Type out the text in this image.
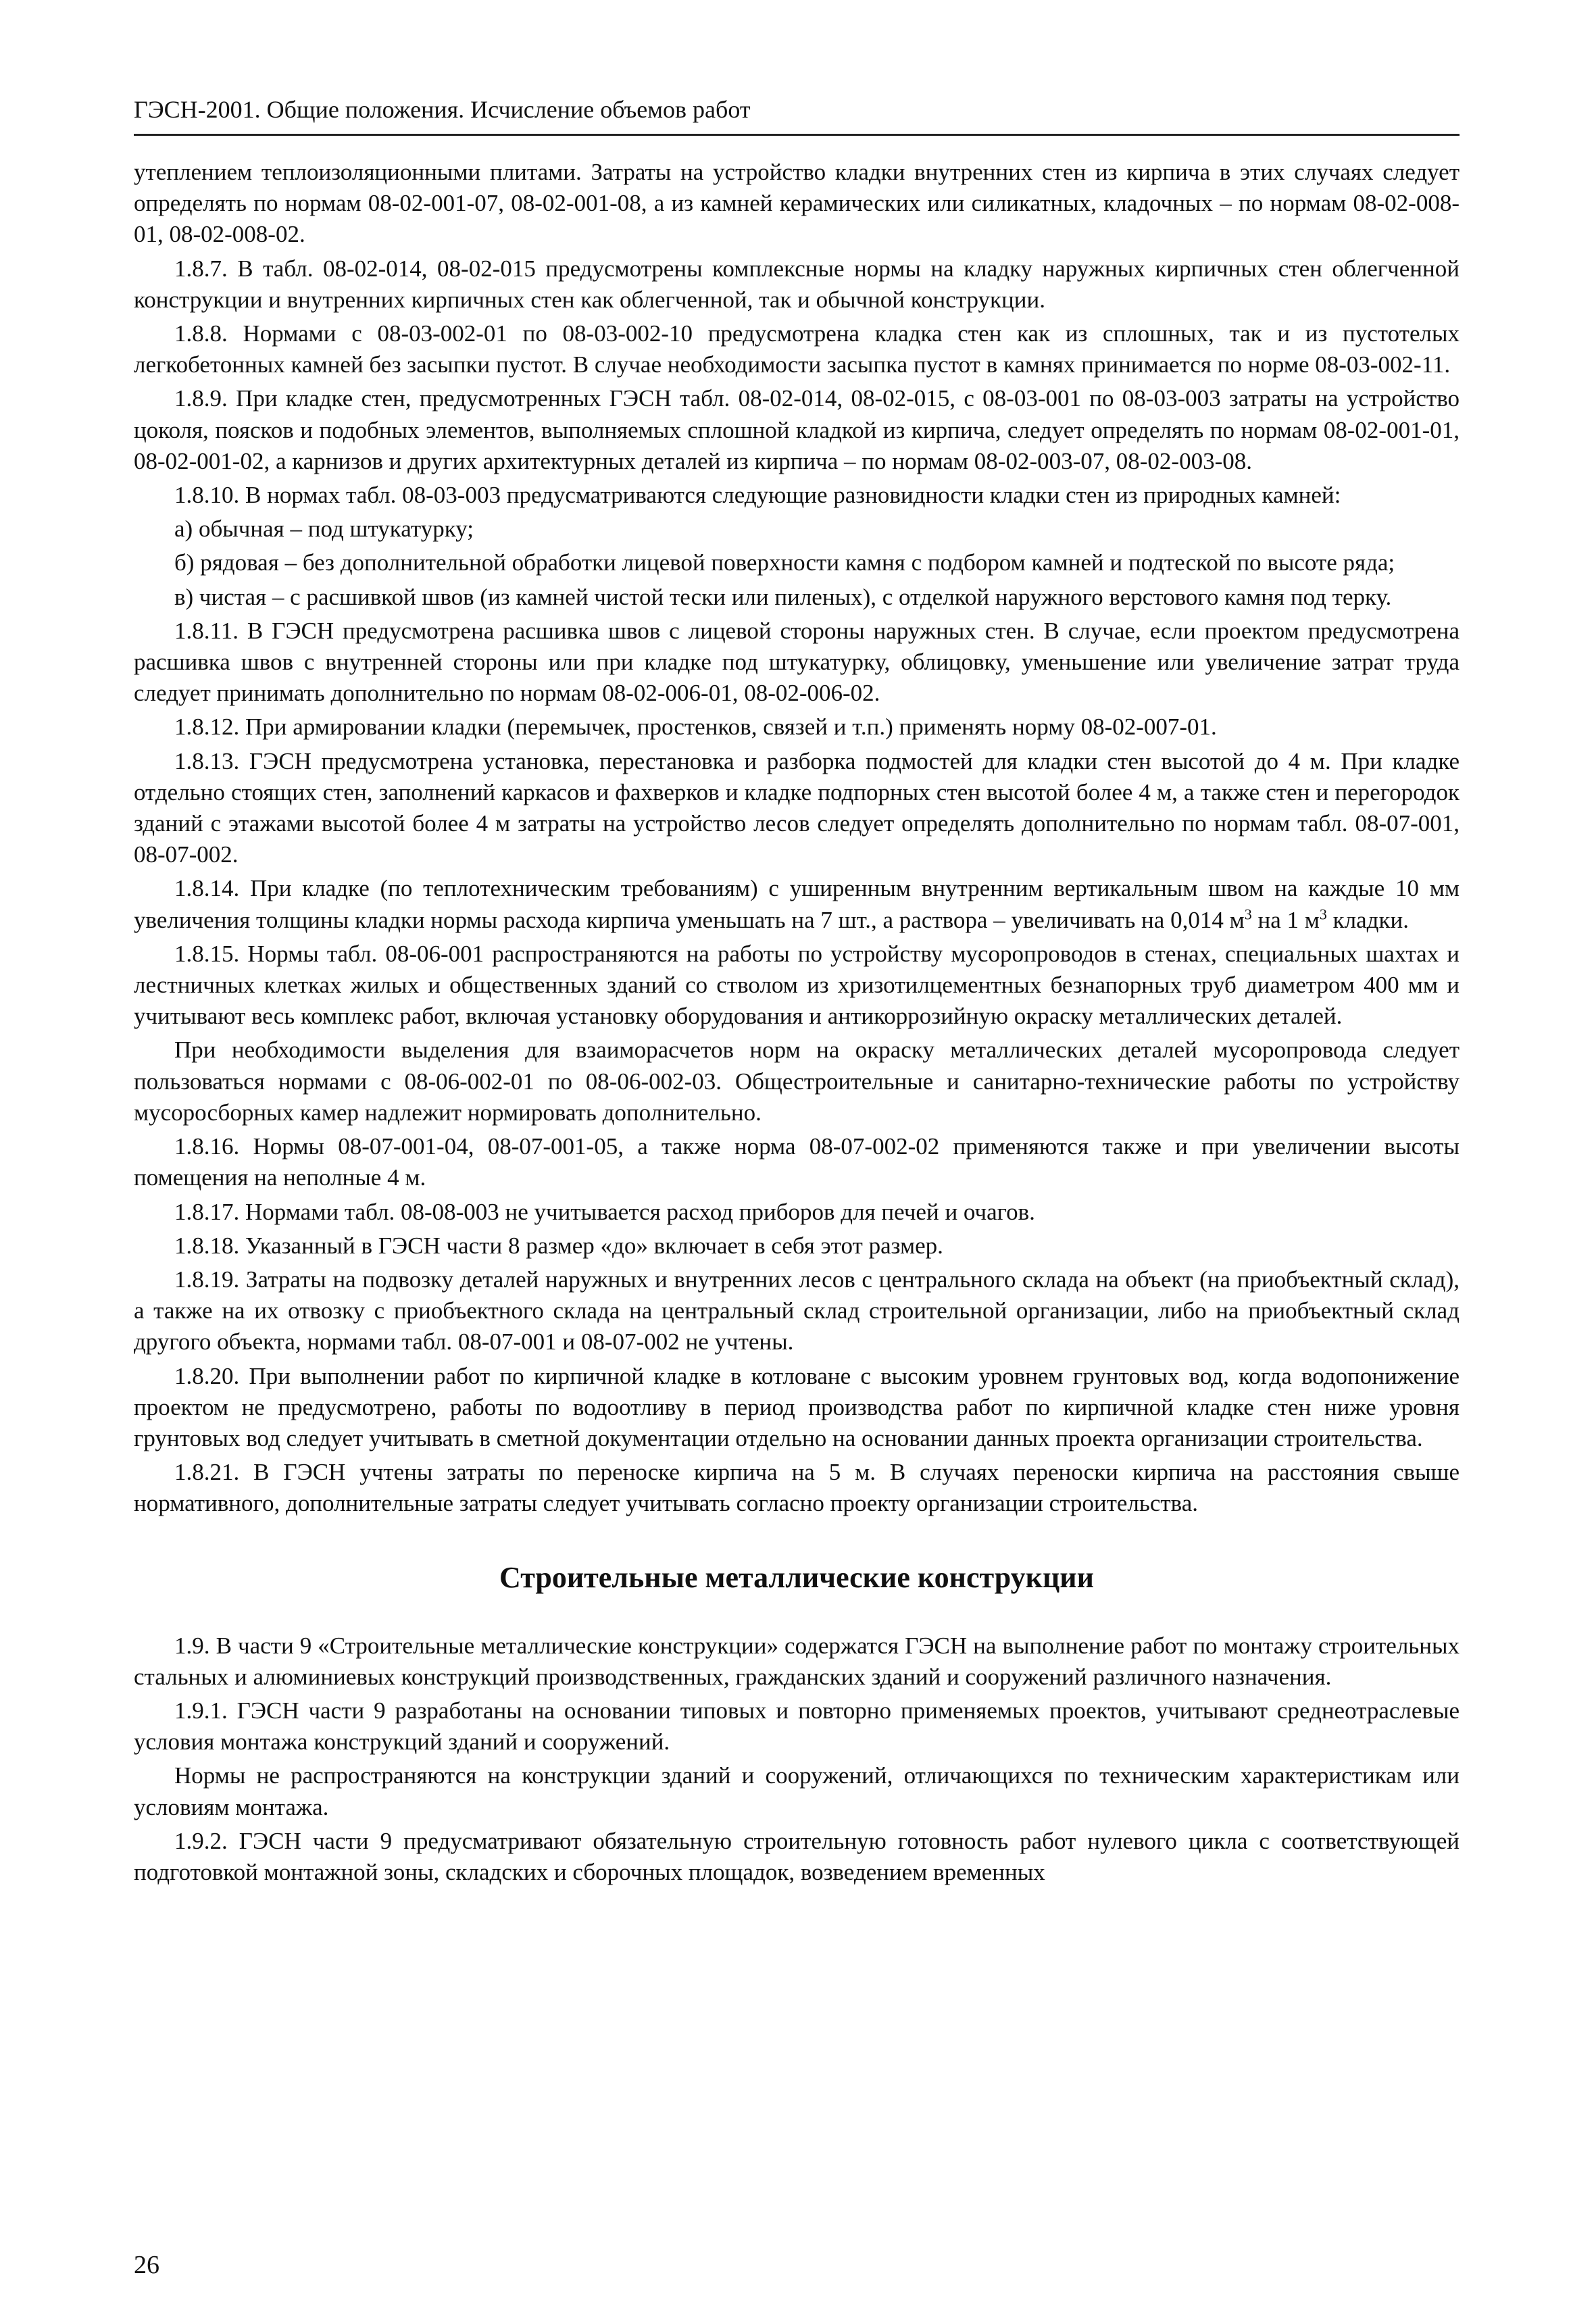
ГЭСН-2001. Общие положения. Исчисление объемов работ

утеплением теплоизоляционными плитами. Затраты на устройство кладки внутренних стен из кирпича в этих случаях следует определять по нормам 08-02-001-07, 08-02-001-08, а из камней керамических или силикатных, кладочных – по нормам 08-02-008-01, 08-02-008-02.

1.8.7. В табл. 08-02-014, 08-02-015 предусмотрены комплексные нормы на кладку наружных кирпичных стен облегченной конструкции и внутренних кирпичных стен как облегченной, так и обычной конструкции.

1.8.8. Нормами с 08-03-002-01 по 08-03-002-10 предусмотрена кладка стен как из сплошных, так и из пустотелых легкобетонных камней без засыпки пустот. В случае необходимости засыпка пустот в камнях принимается по норме 08-03-002-11.

1.8.9. При кладке стен, предусмотренных ГЭСН табл. 08-02-014, 08-02-015, с 08-03-001 по 08-03-003 затраты на устройство цоколя, поясков и подобных элементов, выполняемых сплошной кладкой из кирпича, следует определять по нормам 08-02-001-01, 08-02-001-02, а карнизов и других архитектурных деталей из кирпича – по нормам 08-02-003-07, 08-02-003-08.

1.8.10. В нормах табл. 08-03-003 предусматриваются следующие разновидности кладки стен из природных камней:

а) обычная – под штукатурку;

б) рядовая – без дополнительной обработки лицевой поверхности камня с подбором камней и подтеской по высоте ряда;

в) чистая – с расшивкой швов (из камней чистой тески или пиленых), с отделкой наружного верстового камня под терку.

1.8.11. В ГЭСН предусмотрена расшивка швов с лицевой стороны наружных стен. В случае, если проектом предусмотрена расшивка швов с внутренней стороны или при кладке под штукатурку, облицовку, уменьшение или увеличение затрат труда следует принимать дополнительно по нормам 08-02-006-01, 08-02-006-02.

1.8.12. При армировании кладки (перемычек, простенков, связей и т.п.) применять норму 08-02-007-01.

1.8.13. ГЭСН предусмотрена установка, перестановка и разборка подмостей для кладки стен высотой до 4 м. При кладке отдельно стоящих стен, заполнений каркасов и фахверков и кладке подпорных стен высотой более 4 м, а также стен и перегородок зданий с этажами высотой более 4 м затраты на устройство лесов следует определять дополнительно по нормам табл. 08-07-001, 08-07-002.

1.8.14. При кладке (по теплотехническим требованиям) с уширенным внутренним вертикальным швом на каждые 10 мм увеличения толщины кладки нормы расхода кирпича уменьшать на 7 шт., а раствора – увеличивать на 0,014 $м^3$ на 1 $м^3$ кладки.

1.8.15. Нормы табл. 08-06-001 распространяются на работы по устройству мусоропроводов в стенах, специальных шахтах и лестничных клетках жилых и общественных зданий со стволом из хризотилцементных безнапорных труб диаметром 400 мм и учитывают весь комплекс работ, включая установку оборудования и антикоррозийную окраску металлических деталей.

При необходимости выделения для взаиморасчетов норм на окраску металлических деталей мусоропровода следует пользоваться нормами с 08-06-002-01 по 08-06-002-03. Общестроительные и санитарно-технические работы по устройству мусоросборных камер надлежит нормировать дополнительно.

1.8.16. Нормы 08-07-001-04, 08-07-001-05, а также норма 08-07-002-02 применяются также и при увеличении высоты помещения на неполные 4 м.

1.8.17. Нормами табл. 08-08-003 не учитывается расход приборов для печей и очагов.

1.8.18. Указанный в ГЭСН части 8 размер «до» включает в себя этот размер.

1.8.19. Затраты на подвозку деталей наружных и внутренних лесов с центрального склада на объект (на приобъектный склад), а также на их отвозку с приобъектного склада на центральный склад строительной организации, либо на приобъектный склад другого объекта, нормами табл. 08-07-001 и 08-07-002 не учтены.

1.8.20. При выполнении работ по кирпичной кладке в котловане с высоким уровнем грунтовых вод, когда водопонижение проектом не предусмотрено, работы по водоотливу в период производства работ по кирпичной кладке стен ниже уровня грунтовых вод следует учитывать в сметной документации отдельно на основании данных проекта организации строительства.

1.8.21. В ГЭСН учтены затраты по переноске кирпича на 5 м. В случаях переноски кирпича на расстояния свыше нормативного, дополнительные затраты следует учитывать согласно проекту организации строительства.

Строительные металлические конструкции

1.9. В части 9 «Строительные металлические конструкции» содержатся ГЭСН на выполнение работ по монтажу строительных стальных и алюминиевых конструкций производственных, гражданских зданий и сооружений различного назначения.

1.9.1. ГЭСН части 9 разработаны на основании типовых и повторно применяемых проектов, учитывают среднеотраслевые условия монтажа конструкций зданий и сооружений.

Нормы не распространяются на конструкции зданий и сооружений, отличающихся по техническим характеристикам или условиям монтажа.

1.9.2. ГЭСН части 9 предусматривают обязательную строительную готовность работ нулевого цикла с соответствующей подготовкой монтажной зоны, складских и сборочных площадок, возведением временных

26
